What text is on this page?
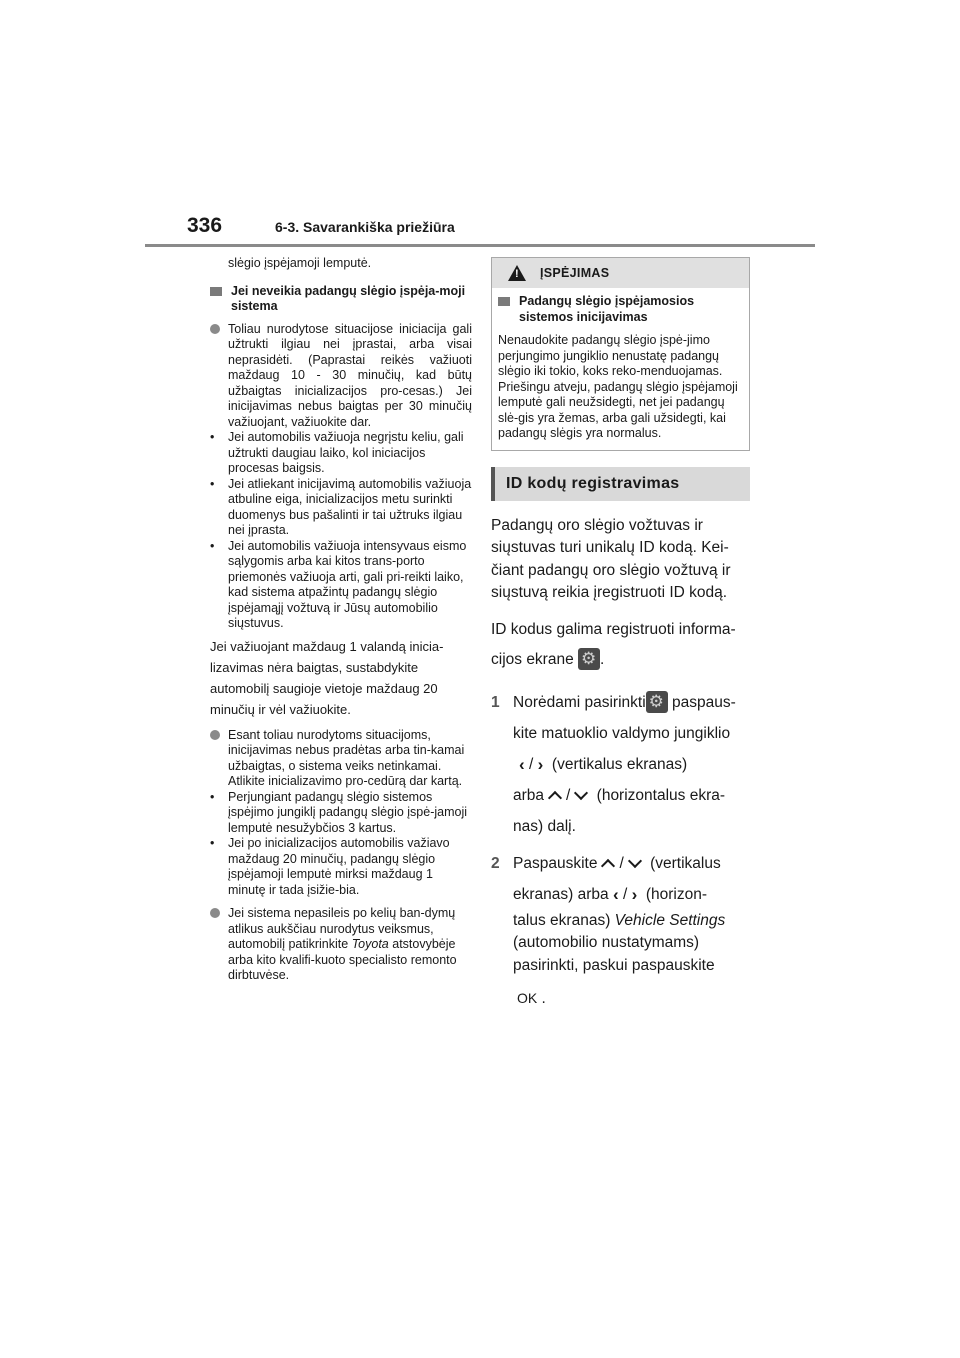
336	6-3. Savarankiška priežiūra
slėgio įspėjamoji lemputė.
Jei neveikia padangų slėgio įspėja-moji sistema
Toliau nurodytose situacijose iniciacija gali užtrukti ilgiau nei įprastai, arba visai neprasidėti. (Paprastai reikės važiuoti maždaug 10 - 30 minučių, kad būtų užbaigtas inicializacijos pro-cesas.) Jei inicijavimas nebus baigtas per 30 minučių važiuojant, važiuokite dar.
•	Jei automobilis važiuoja negrįstu keliu, gali užtrukti daugiau laiko, kol iniciacijos procesas baigsis.
•	Jei atliekant inicijavimą automobilis važiuoja atbuline eiga, inicializacijos metu surinkti duomenys bus pašalinti ir tai užtruks ilgiau nei įprasta.
•	Jei automobilis važiuoja intensyvaus eismo sąlygomis arba kai kitos trans-porto priemonės važiuoja arti, gali pri-reikti laiko, kad sistema atpažintų padangų slėgio įspėjamąjį vožtuvą ir Jūsų automobilio siųstuvus.
Jei važiuojant maždaug 1 valandą inicia-lizavimas nėra baigtas, sustabdykite automobilį saugioje vietoje maždaug 20 minučių ir vėl važiuokite.
Esant toliau nurodytoms situacijoms, inicijavimas nebus pradėtas arba tin-kamai užbaigtas, o sistema veiks netinkamai. Atlikite inicializavimo pro-cedūrą dar kartą.
•	Perjungiant padangų slėgio sistemos įspėjimo jungiklį padangų slėgio įspė-jamoji lemputė nesužybčios 3 kartus.
•	Jei po inicializacijos automobilis važiavo maždaug 20 minučių, padangų slėgio įspėjamoji lemputė mirksi maždaug 1 minutę ir tada įsižie-bia.
Jei sistema nepasileis po kelių ban-dymų atlikus aukščiau nurodytus veiksmus, automobilį patikrinkite Toyota atstovybėje arba kito kvalifi-kuoto specialisto remonto dirbtuvėse.
! ĮSPĖJIMAS
Padangų slėgio įspėjamosios sistemos inicijavimas
Nenaudokite padangų slėgio įspė-jimo perjungimo jungiklio nenustatę padangų slėgio iki tokio, koks reko-menduojamas. Priešingu atveju, padangų slėgio įspėjamoji lemputė gali neužsidegti, net jei padangų slė-gis yra žemas, arba gali užsidegti, kai padangų slėgis yra normalus.
ID kodų registravimas
Padangų oro slėgio vožtuvas ir siųstuvas turi unikalų ID kodą. Kei-čiant padangų oro slėgio vožtuvą ir siųstuvą reikia įregistruoti ID kodą.
ID kodus galima registruoti informa-cijos ekrane ⚙ .
1 Norėdami pasirinkti⚙ paspaus-
kite matuoklio valdymo jungiklio
‹ / › (vertikalus ekranas)
arba / (horizontalus ekra-
nas) dalį.
2 Paspauskite / (vertikalus
ekranas) arba ‹ / › (horizon-
talus ekranas) Vehicle Settings
(automobilio nustatymams)
pasirinkti, paskui paspauskite
OK .
